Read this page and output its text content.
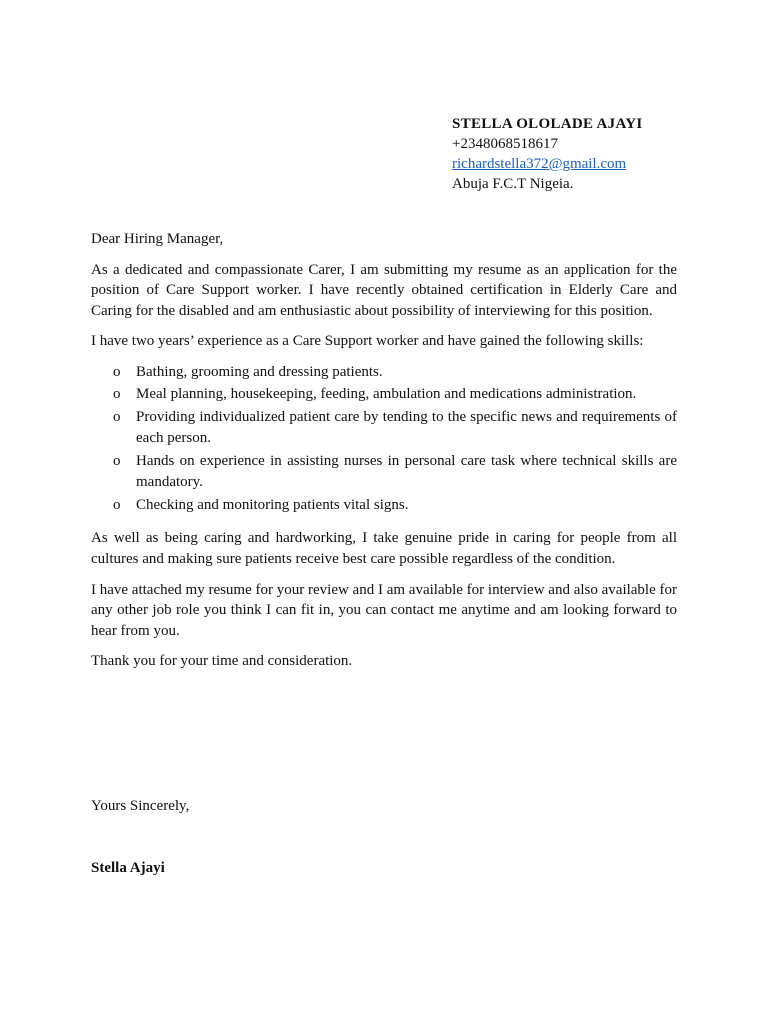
STELLA OLOLADE AJAYI
+2348068518617
richardstella372@gmail.com
Abuja F.C.T Nigeia.

Dear Hiring Manager,

As a dedicated and compassionate Carer, I am submitting my resume as an application for the position of Care Support worker. I have recently obtained certification in Elderly Care and Caring for the disabled and am enthusiastic about possibility of interviewing for this position.

I have two years’ experience as a Care Support worker and have gained the following skills:

o Bathing, grooming and dressing patients.
o Meal planning, housekeeping, feeding, ambulation and medications administration.
o Providing individualized patient care by tending to the specific news and requirements of each person.
o Hands on experience in assisting nurses in personal care task where technical skills are mandatory.
o Checking and monitoring patients vital signs.

As well as being caring and hardworking, I take genuine pride in caring for people from all cultures and making sure patients receive best care possible regardless of the condition.

I have attached my resume for your review and I am available for interview and also available for any other job role you think I can fit in, you can contact me anytime and am looking forward to hear from you.

Thank you for your time and consideration.

Yours Sincerely,
Stella Ajayi
